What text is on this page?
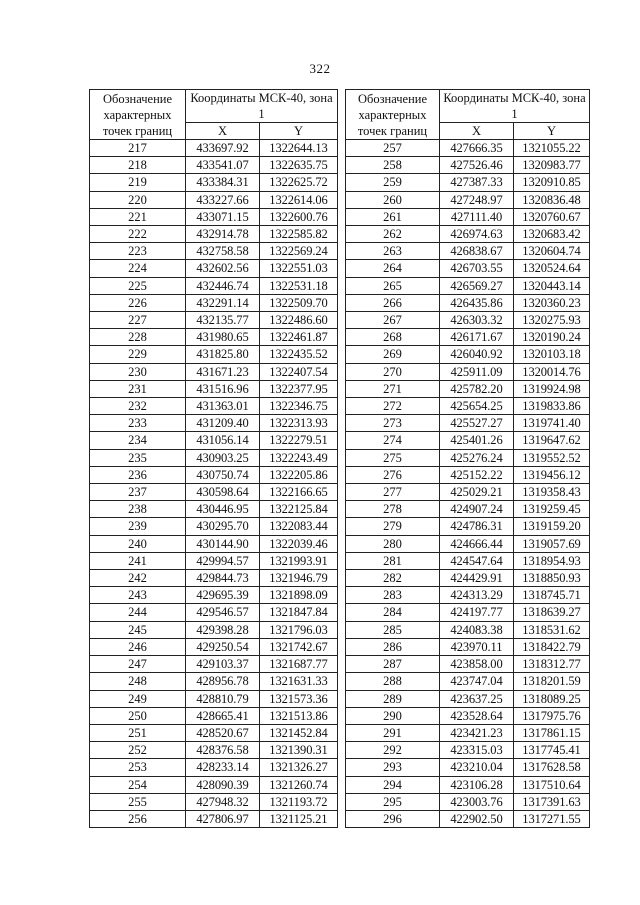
322
Обозначение характерных точек границ	Координаты МСК-40, зона 1	
	X	Y
217	433697.92	1322644.13
218	433541.07	1322635.75
219	433384.31	1322625.72
220	433227.66	1322614.06
221	433071.15	1322600.76
222	432914.78	1322585.82
223	432758.58	1322569.24
224	432602.56	1322551.03
225	432446.74	1322531.18
226	432291.14	1322509.70
227	432135.77	1322486.60
228	431980.65	1322461.87
229	431825.80	1322435.52
230	431671.23	1322407.54
231	431516.96	1322377.95
232	431363.01	1322346.75
233	431209.40	1322313.93
234	431056.14	1322279.51
235	430903.25	1322243.49
236	430750.74	1322205.86
237	430598.64	1322166.65
238	430446.95	1322125.84
239	430295.70	1322083.44
240	430144.90	1322039.46
241	429994.57	1321993.91
242	429844.73	1321946.79
243	429695.39	1321898.09
244	429546.57	1321847.84
245	429398.28	1321796.03
246	429250.54	1321742.67
247	429103.37	1321687.77
248	428956.78	1321631.33
249	428810.79	1321573.36
250	428665.41	1321513.86
251	428520.67	1321452.84
252	428376.58	1321390.31
253	428233.14	1321326.27
254	428090.39	1321260.74
255	427948.32	1321193.72
256	427806.97	1321125.21
Обозначение характерных точек границ	Координаты МСК-40, зона 1	
	X	Y
257	427666.35	1321055.22
258	427526.46	1320983.77
259	427387.33	1320910.85
260	427248.97	1320836.48
261	427111.40	1320760.67
262	426974.63	1320683.42
263	426838.67	1320604.74
264	426703.55	1320524.64
265	426569.27	1320443.14
266	426435.86	1320360.23
267	426303.32	1320275.93
268	426171.67	1320190.24
269	426040.92	1320103.18
270	425911.09	1320014.76
271	425782.20	1319924.98
272	425654.25	1319833.86
273	425527.27	1319741.40
274	425401.26	1319647.62
275	425276.24	1319552.52
276	425152.22	1319456.12
277	425029.21	1319358.43
278	424907.24	1319259.45
279	424786.31	1319159.20
280	424666.44	1319057.69
281	424547.64	1318954.93
282	424429.91	1318850.93
283	424313.29	1318745.71
284	424197.77	1318639.27
285	424083.38	1318531.62
286	423970.11	1318422.79
287	423858.00	1318312.77
288	423747.04	1318201.59
289	423637.25	1318089.25
290	423528.64	1317975.76
291	423421.23	1317861.15
292	423315.03	1317745.41
293	423210.04	1317628.58
294	423106.28	1317510.64
295	423003.76	1317391.63
296	422902.50	1317271.55
